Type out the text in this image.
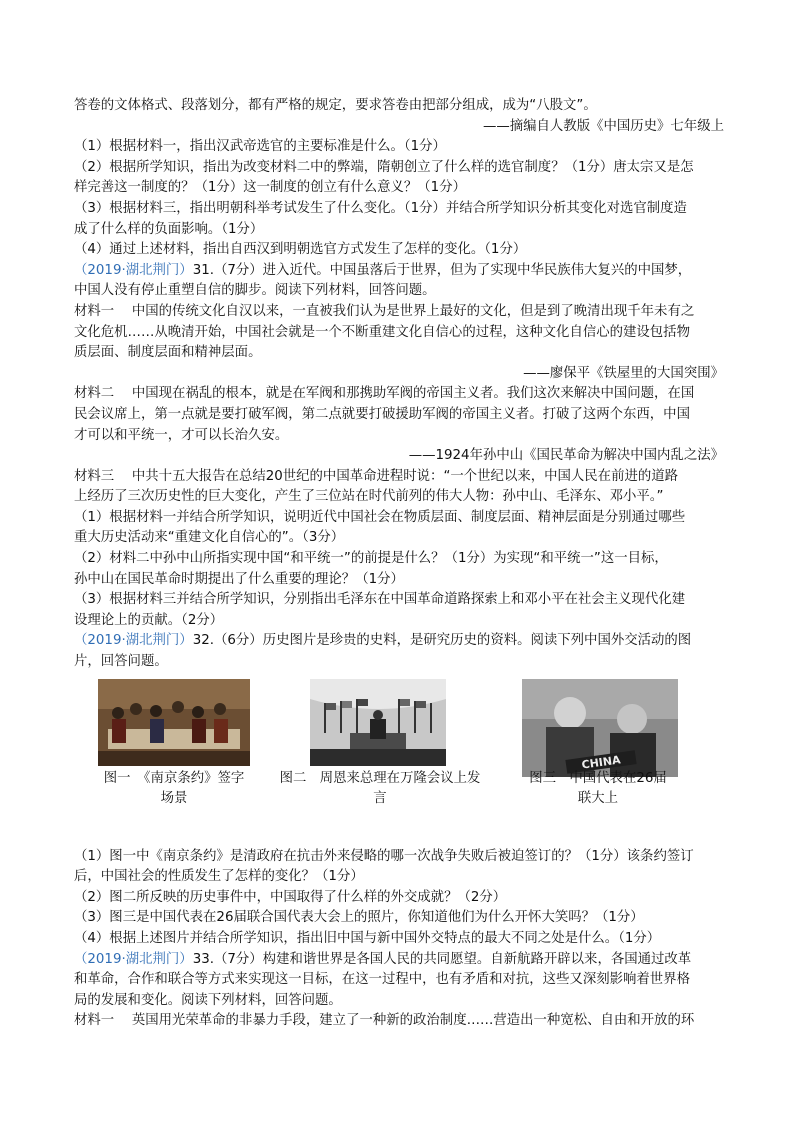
答卷的文体格式、段落划分，都有严格的规定，要求答卷由把部分组成，成为“八股文”。
——摘编自人教版《中国历史》七年级上
（1）根据材料一，指出汉武帝选官的主要标准是什么。（1分）
（2）根据所学知识，指出为改变材料二中的弊端，隋朝创立了什么样的选官制度？（1分）唐太宗又是怎
样完善这一制度的？（1分）这一制度的创立有什么意义？（1分）
（3）根据材料三，指出明朝科举考试发生了什么变化。（1分）并结合所学知识分析其变化对选官制度造
成了什么样的负面影响。（1分）
（4）通过上述材料，指出自西汉到明朝选官方式发生了怎样的变化。（1分）
（2019·湖北荆门）31.（7分）进入近代。中国虽落后于世界，但为了实现中华民族伟大复兴的中国梦，
中国人没有停止重塑自信的脚步。阅读下列材料，回答问题。
材料一　 中国的传统文化自汉以来，一直被我们认为是世界上最好的文化，但是到了晚清出现千年未有之
文化危机……从晚清开始，中国社会就是一个不断重建文化自信心的过程，这种文化自信心的建设包括物
质层面、制度层面和精神层面。
——廖保平《铁屋里的大国突围》
材料二　 中国现在祸乱的根本，就是在军阀和那携助军阀的帝国主义者。我们这次来解决中国问题，在国
民会议席上，第一点就是要打破军阀，第二点就要打破援助军阀的帝国主义者。打破了这两个东西，中国
才可以和平统一，才可以长治久安。
——1924年孙中山《国民革命为解决中国内乱之法》
材料三　 中共十五大报告在总结20世纪的中国革命进程时说：“一个世纪以来，中国人民在前进的道路
上经历了三次历史性的巨大变化，产生了三位站在时代前列的伟大人物：孙中山、毛泽东、邓小平。”
（1）根据材料一并结合所学知识，说明近代中国社会在物质层面、制度层面、精神层面是分别通过哪些
重大历史活动来“重建文化自信心的”。（3分）
（2）材料二中孙中山所指实现中国“和平统一”的前提是什么？（1分）为实现“和平统一”这一目标，
孙中山在国民革命时期提出了什么重要的理论？（1分）
（3）根据材料三并结合所学知识，分别指出毛泽东在中国革命道路探索上和邓小平在社会主义现代化建
设理论上的贡献。（2分）
（2019·湖北荆门）32.（6分）历史图片是珍贵的史料，是研究历史的资料。阅读下列中国外交活动的图
片，回答问题。
CHINA
图一　《南京条约》签字
场景
图二　周恩来总理在万隆会议上发
言
图三　中国代表在26届
联大上
（1）图一中《南京条约》是清政府在抗击外来侵略的哪一次战争失败后被迫签订的？（1分）该条约签订
后，中国社会的性质发生了怎样的变化？（1分）
（2）图二所反映的历史事件中，中国取得了什么样的外交成就？（2分）
（3）图三是中国代表在26届联合国代表大会上的照片，你知道他们为什么开怀大笑吗？（1分）
（4）根据上述图片并结合所学知识，指出旧中国与新中国外交特点的最大不同之处是什么。（1分）
（2019·湖北荆门）33.（7分）构建和谐世界是各国人民的共同愿望。自新航路开辟以来，各国通过改革
和革命，合作和联合等方式来实现这一目标，在这一过程中，也有矛盾和对抗，这些又深刻影响着世界格
局的发展和变化。阅读下列材料，回答问题。
材料一　 英国用光荣革命的非暴力手段，建立了一种新的政治制度……营造出一种宽松、自由和开放的环
